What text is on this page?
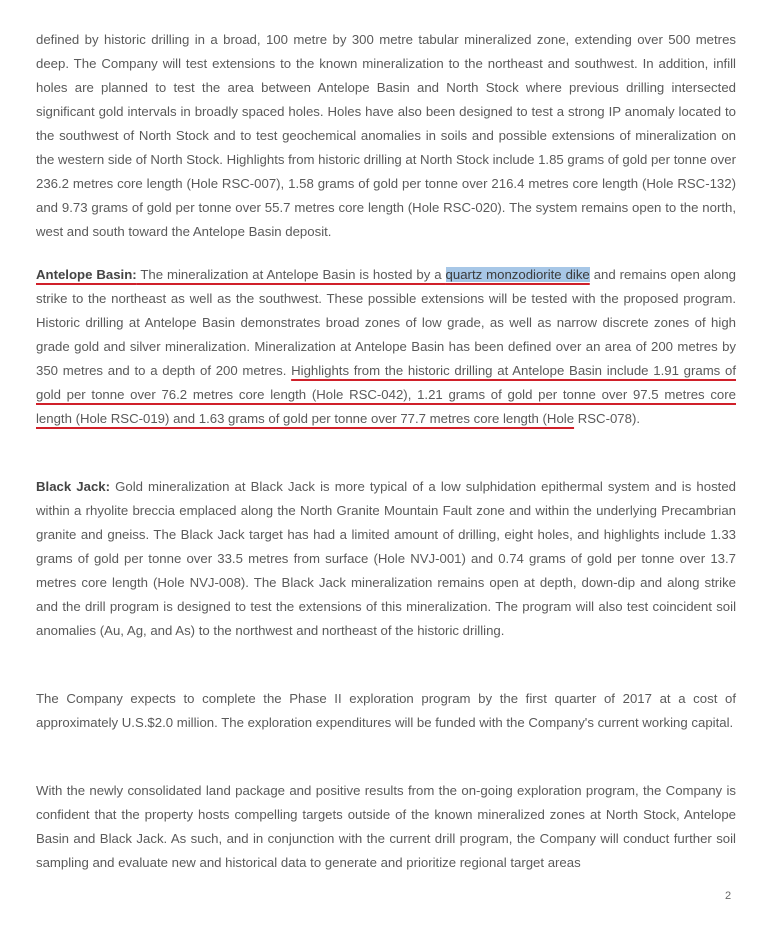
defined by historic drilling in a broad, 100 metre by 300 metre tabular mineralized zone, extending over 500 metres deep. The Company will test extensions to the known mineralization to the northeast and southwest. In addition, infill holes are planned to test the area between Antelope Basin and North Stock where previous drilling intersected significant gold intervals in broadly spaced holes. Holes have also been designed to test a strong IP anomaly located to the southwest of North Stock and to test geochemical anomalies in soils and possible extensions of mineralization on the western side of North Stock. Highlights from historic drilling at North Stock include 1.85 grams of gold per tonne over 236.2 metres core length (Hole RSC-007), 1.58 grams of gold per tonne over 216.4 metres core length (Hole RSC-132) and 9.73 grams of gold per tonne over 55.7 metres core length (Hole RSC-020). The system remains open to the north, west and south toward the Antelope Basin deposit.

Antelope Basin: The mineralization at Antelope Basin is hosted by a quartz monzodiorite dike and remains open along strike to the northeast as well as the southwest. These possible extensions will be tested with the proposed program. Historic drilling at Antelope Basin demonstrates broad zones of low grade, as well as narrow discrete zones of high grade gold and silver mineralization. Mineralization at Antelope Basin has been defined over an area of 200 metres by 350 metres and to a depth of 200 metres. Highlights from the historic drilling at Antelope Basin include 1.91 grams of gold per tonne over 76.2 metres core length (Hole RSC-042), 1.21 grams of gold per tonne over 97.5 metres core length (Hole RSC-019) and 1.63 grams of gold per tonne over 77.7 metres core length (Hole RSC-078).

Black Jack: Gold mineralization at Black Jack is more typical of a low sulphidation epithermal system and is hosted within a rhyolite breccia emplaced along the North Granite Mountain Fault zone and within the underlying Precambrian granite and gneiss. The Black Jack target has had a limited amount of drilling, eight holes, and highlights include 1.33 grams of gold per tonne over 33.5 metres from surface (Hole NVJ-001) and 0.74 grams of gold per tonne over 13.7 metres core length (Hole NVJ-008). The Black Jack mineralization remains open at depth, down-dip and along strike and the drill program is designed to test the extensions of this mineralization. The program will also test coincident soil anomalies (Au, Ag, and As) to the northwest and northeast of the historic drilling.

The Company expects to complete the Phase II exploration program by the first quarter of 2017 at a cost of approximately U.S.$2.0 million. The exploration expenditures will be funded with the Company's current working capital.

With the newly consolidated land package and positive results from the on-going exploration program, the Company is confident that the property hosts compelling targets outside of the known mineralized zones at North Stock, Antelope Basin and Black Jack. As such, and in conjunction with the current drill program, the Company will conduct further soil sampling and evaluate new and historical data to generate and prioritize regional target areas

2
